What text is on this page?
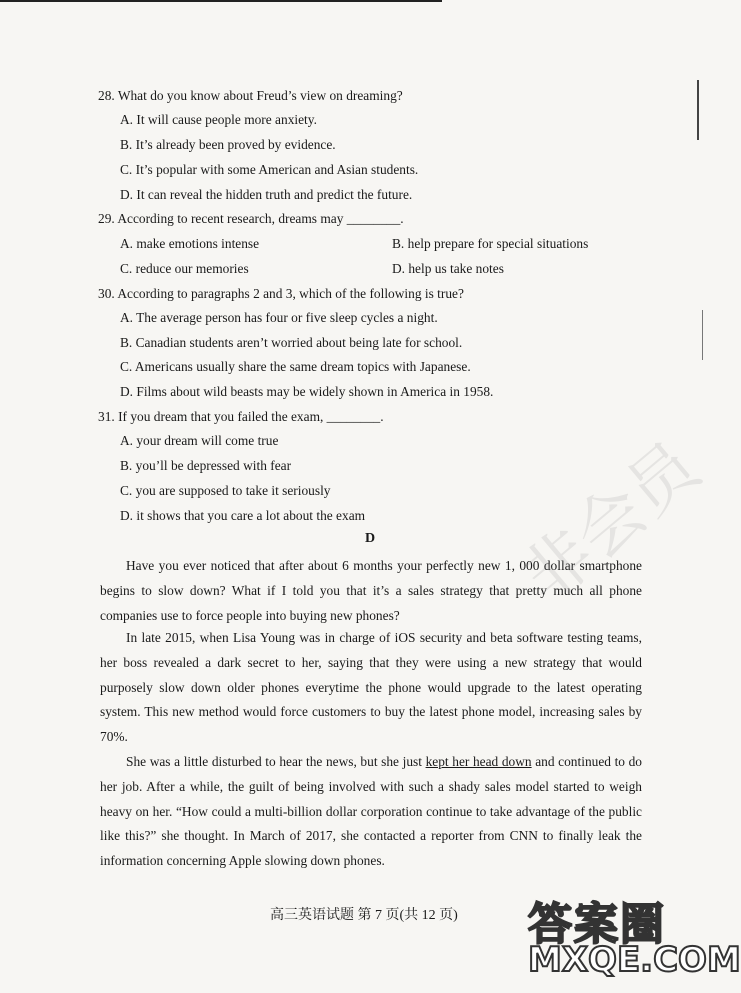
28. What do you know about Freud’s view on dreaming?
A. It will cause people more anxiety.
B. It’s already been proved by evidence.
C. It’s popular with some American and Asian students.
D. It can reveal the hidden truth and predict the future.
29. According to recent research, dreams may ________.
A. make emotions intense	B. help prepare for special situations
C. reduce our memories	D. help us take notes
30. According to paragraphs 2 and 3, which of the following is true?
A. The average person has four or five sleep cycles a night.
B. Canadian students aren’t worried about being late for school.
C. Americans usually share the same dream topics with Japanese.
D. Films about wild beasts may be widely shown in America in 1958.
31. If you dream that you failed the exam, ________.
A. your dream will come true
B. you’ll be depressed with fear
C. you are supposed to take it seriously
D. it shows that you care a lot about the exam
D
Have you ever noticed that after about 6 months your perfectly new 1, 000 dollar smartphone begins to slow down? What if I told you that it’s a sales strategy that pretty much all phone companies use to force people into buying new phones?
In late 2015, when Lisa Young was in charge of iOS security and beta software testing teams, her boss revealed a dark secret to her, saying that they were using a new strategy that would purposely slow down older phones everytime the phone would upgrade to the latest operating system. This new method would force customers to buy the latest phone model, increasing sales by 70%.
She was a little disturbed to hear the news, but she just kept her head down and continued to do her job. After a while, the guilt of being involved with such a shady sales model started to weigh heavy on her. “How could a multi-billion dollar corporation continue to take advantage of the public like this?” she thought. In March of 2017, she contacted a reporter from CNN to finally leak the information concerning Apple slowing down phones.
高三英语试题 第 7 页(共 12 页)
非会员
答案圈
MXQE.COM
